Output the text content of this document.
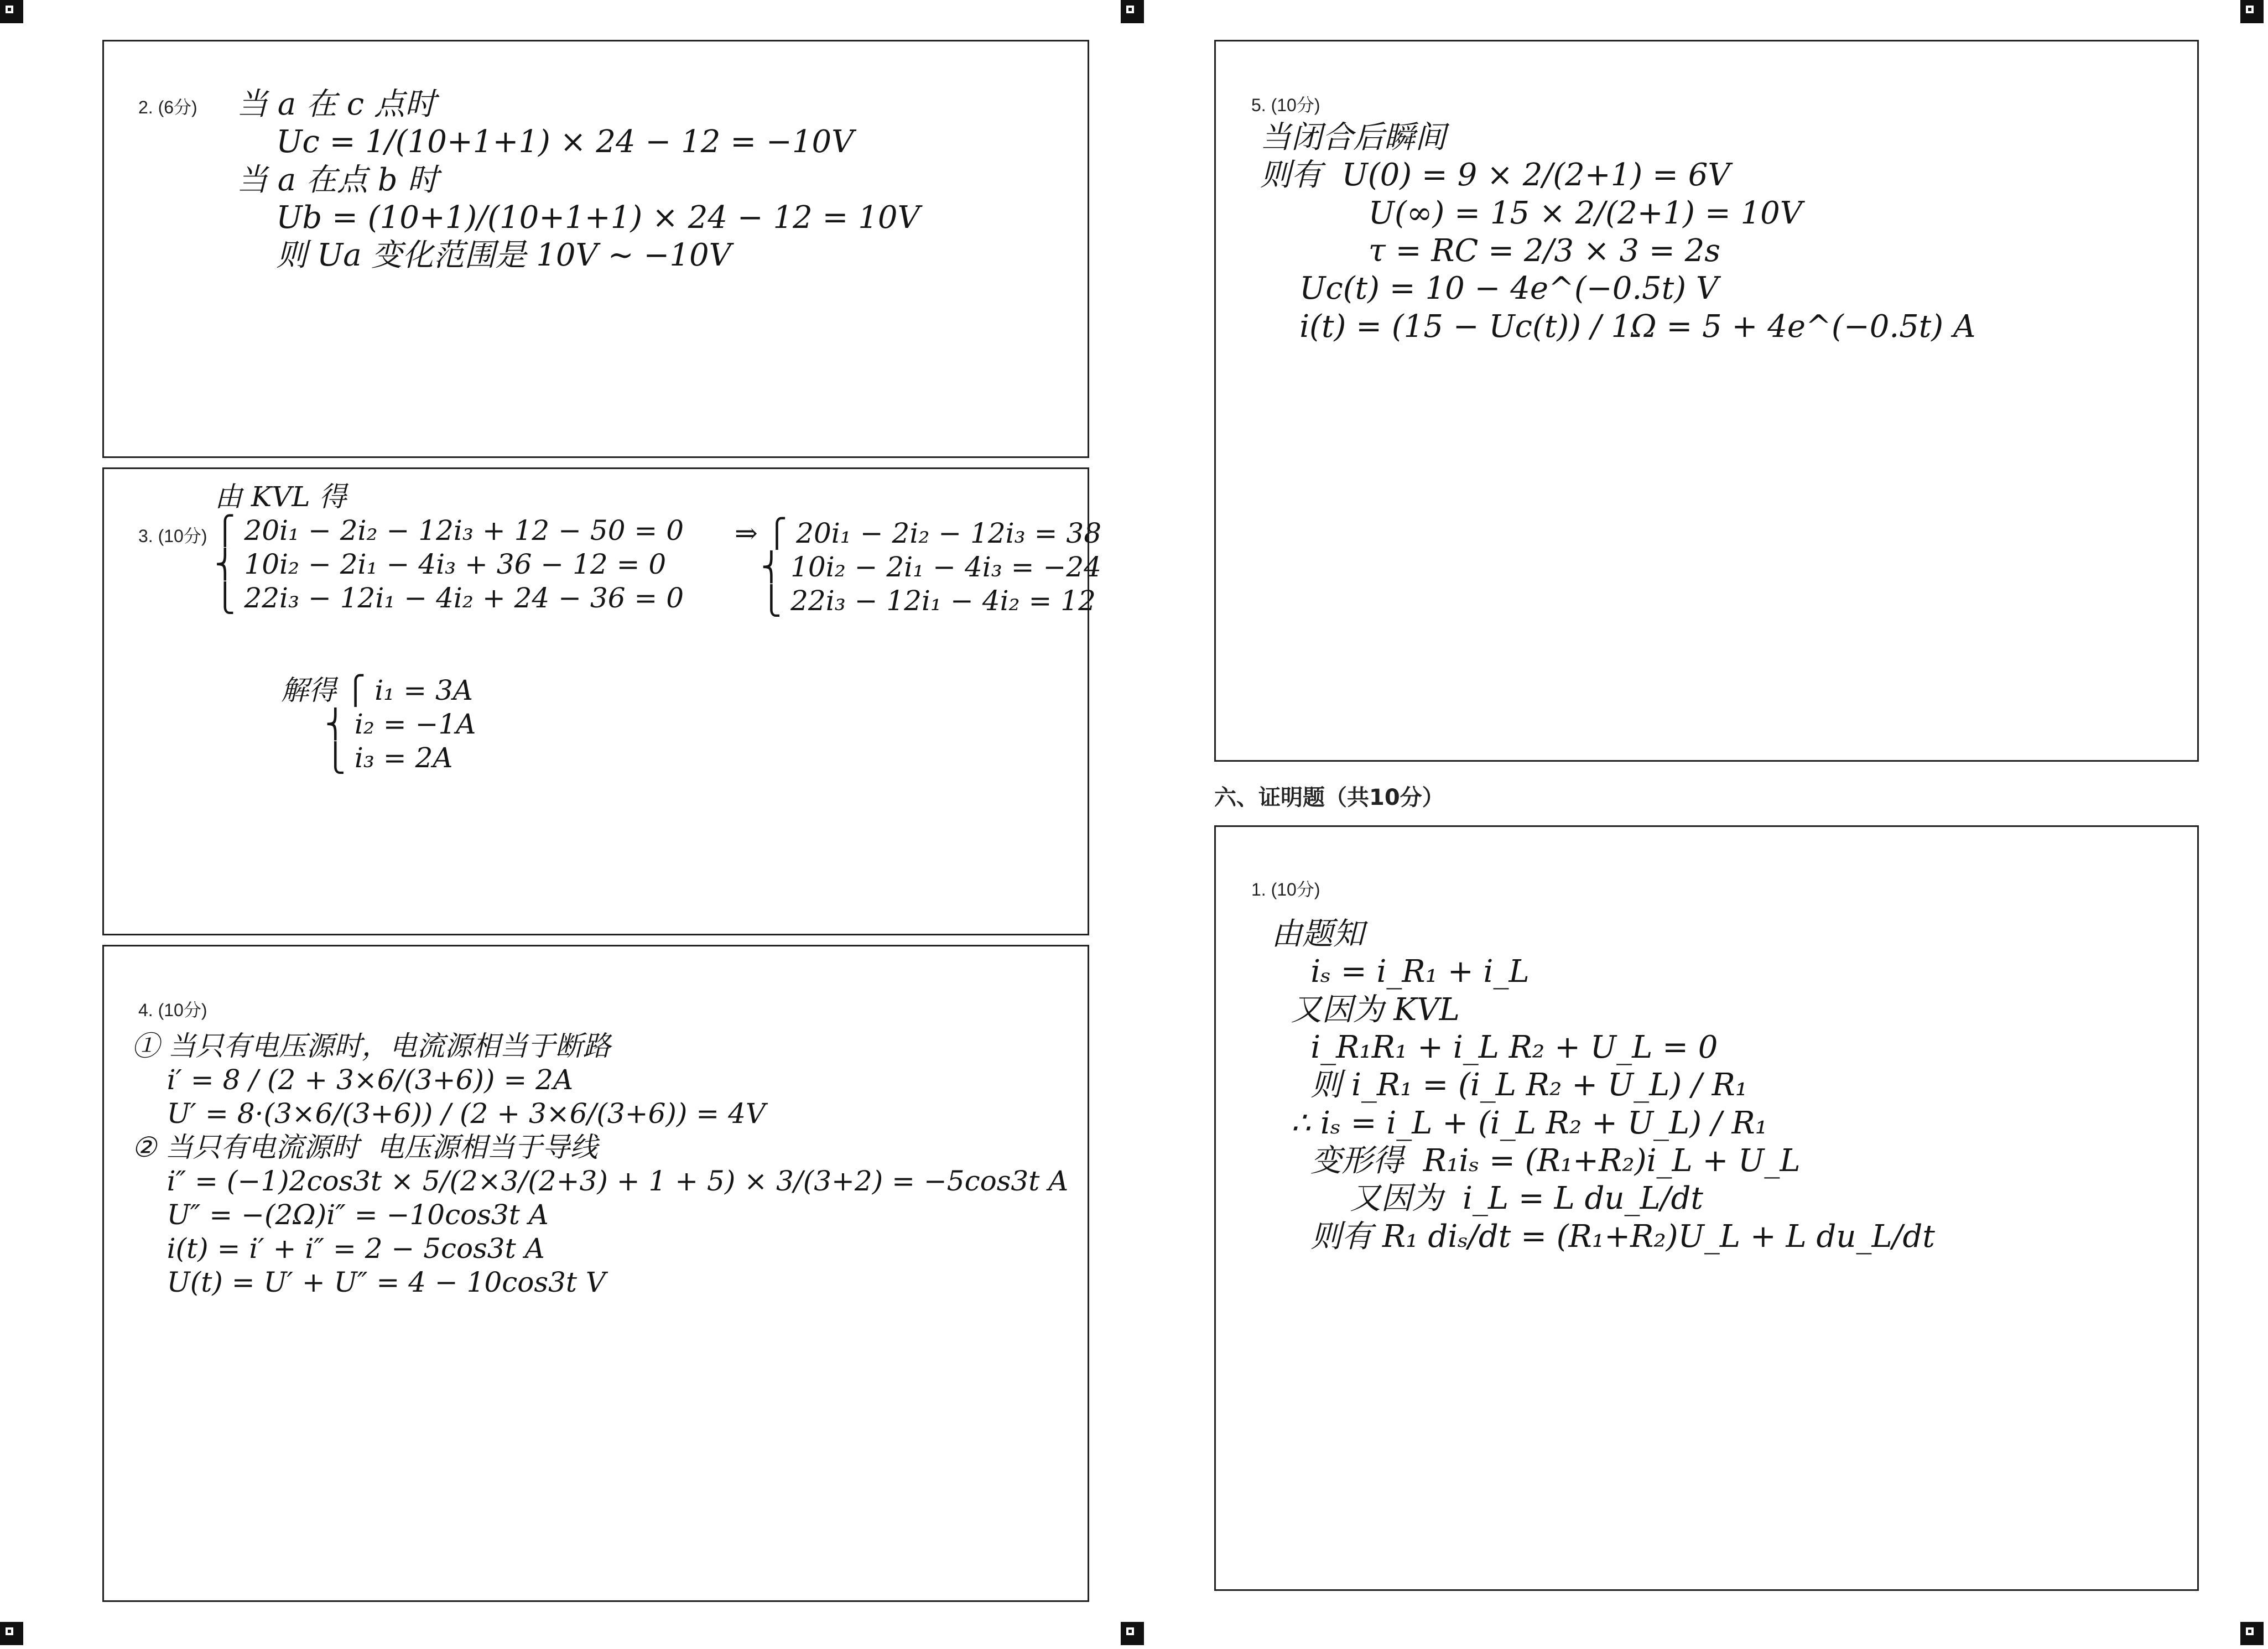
2. (6分) 当 a 在 c 点时
Uc = 1/(10+1+1) × 24 − 12 = −10V
当 a 在点 b 时
Ub = (10+1)/(10+1+1) × 24 − 12 = 10V
则 Ua 变化范围是 10V ~ −10V
3. (10分)
由 KVL 得
⎧ 20i₁ − 2i₂ − 12i₃ + 12 − 50 = 0
⎨ 10i₂ − 2i₁ − 4i₃ + 36 − 12 = 0
⎩ 22i₃ − 12i₁ − 4i₂ + 24 − 36 = 0
⇒ ⎧ 20i₁ − 2i₂ − 12i₃ = 38
⎨ 10i₂ − 2i₁ − 4i₃ = −24
⎩ 22i₃ − 12i₁ − 4i₂ = 12
解得 ⎧ i₁ = 3A
⎨ i₂ = −1A
⎩ i₃ = 2A
4. (10分)
① 当只有电压源时，电流源相当于断路
i′ = 8 / (2 + 3×6/(3+6)) = 2A
U′ = 8·(3×6/(3+6)) / (2 + 3×6/(3+6)) = 4V
② 当只有电流源时  电压源相当于导线
i″ = (−1)2cos3t × 5/(2×3/(2+3) + 1 + 5) × 3/(3+2) = −5cos3t A
U″ = −(2Ω)i″ = −10cos3t A
i(t) = i′ + i″ = 2 − 5cos3t A
U(t) = U′ + U″ = 4 − 10cos3t V
5. (10分)
当闭合后瞬间
则有  U(0) = 9 × 2/(2+1) = 6V
U(∞) = 15 × 2/(2+1) = 10V
τ = RC = 2/3 × 3 = 2s
Uc(t) = 10 − 4e^(−0.5t) V
i(t) = (15 − Uc(t)) / 1Ω = 5 + 4e^(−0.5t) A
六、证明题（共10分）
1. (10分)
由题知
iₛ = i_R₁ + i_L
又因为 KVL
i_R₁R₁ + i_L R₂ + U_L = 0
则 i_R₁ = (i_L R₂ + U_L) / R₁
∴ iₛ = i_L + (i_L R₂ + U_L) / R₁
变形得  R₁iₛ = (R₁+R₂)i_L + U_L
又因为  i_L = L du_L/dt
则有 R₁ diₛ/dt = (R₁+R₂)U_L + L du_L/dt
